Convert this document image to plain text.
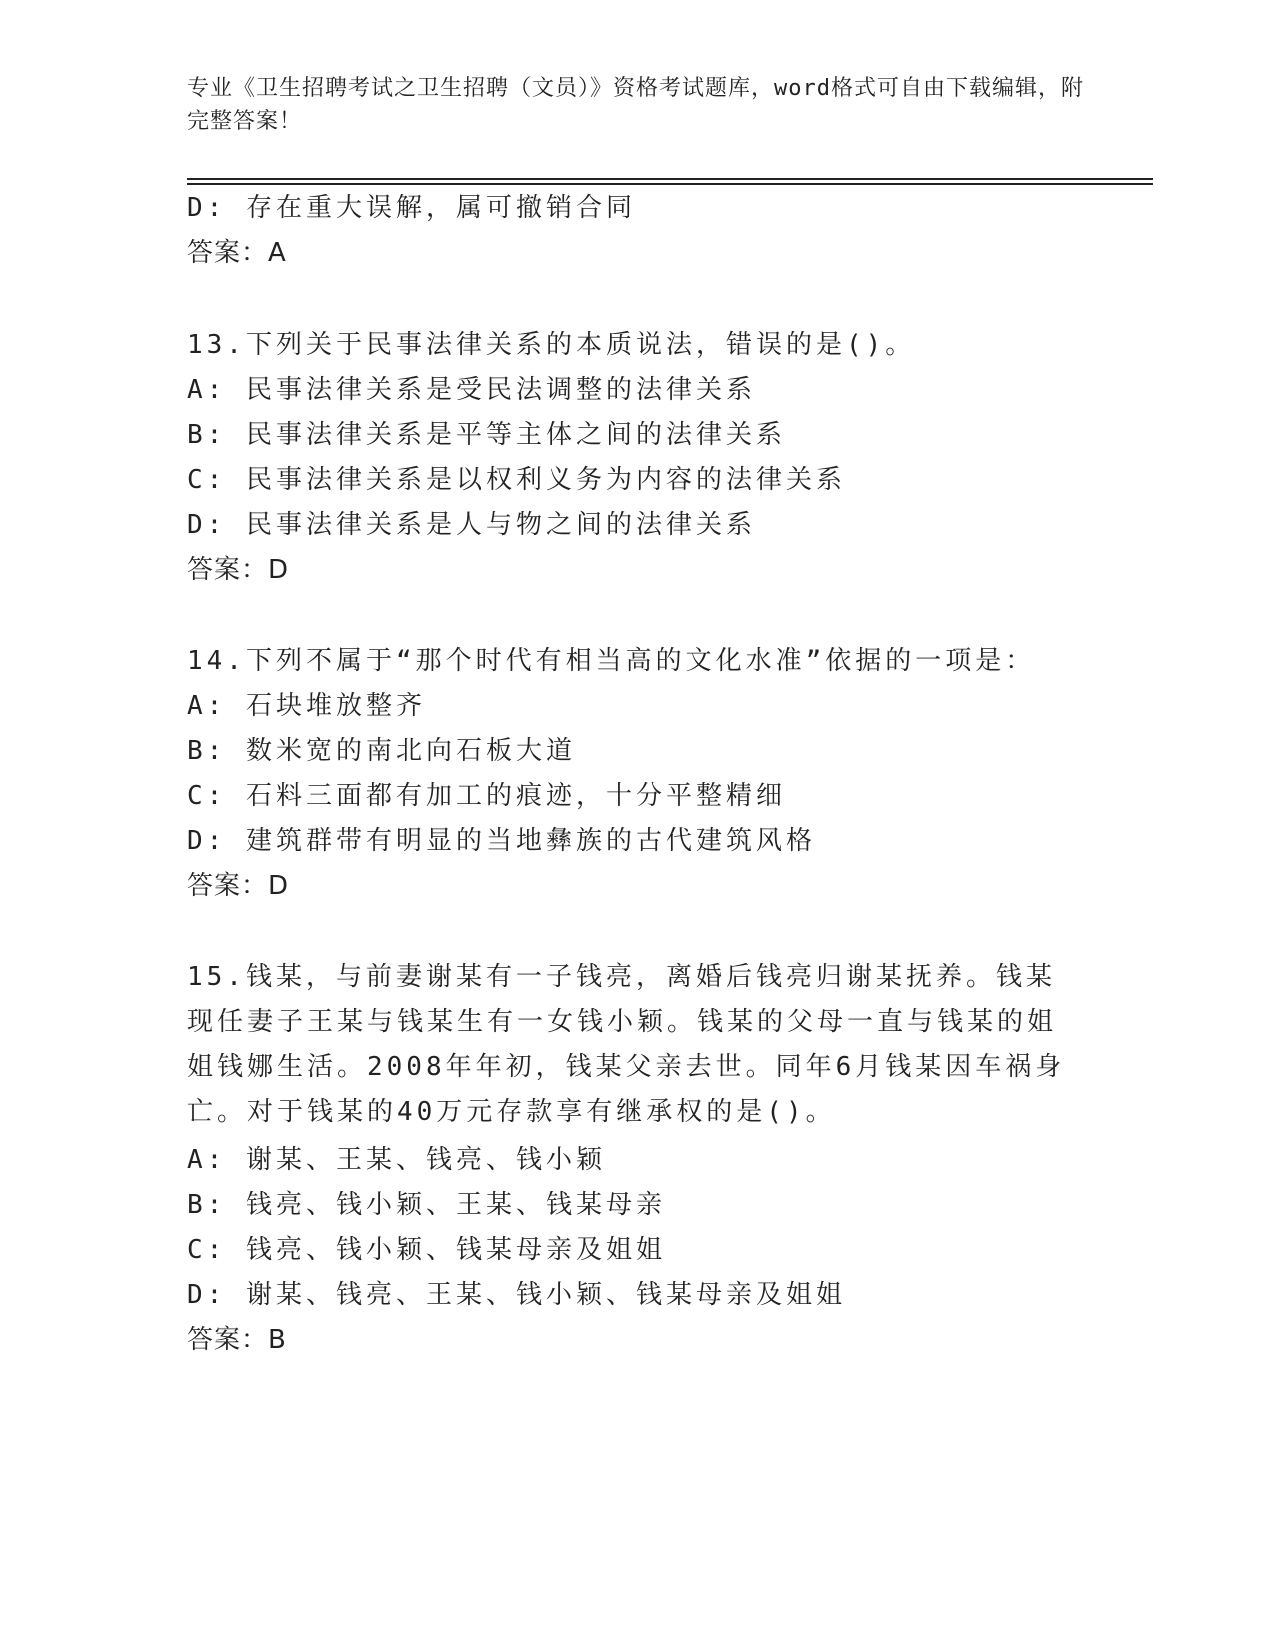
专业《卫生招聘考试之卫生招聘（文员）》资格考试题库，word格式可自由下载编辑，附完整答案！
D: 存在重大误解，属可撤销合同
答案：A
13.下列关于民事法律关系的本质说法，错误的是()。
A: 民事法律关系是受民法调整的法律关系
B: 民事法律关系是平等主体之间的法律关系
C: 民事法律关系是以权利义务为内容的法律关系
D: 民事法律关系是人与物之间的法律关系
答案：D
14.下列不属于“那个时代有相当高的文化水准”依据的一项是：
A: 石块堆放整齐
B: 数米宽的南北向石板大道
C: 石料三面都有加工的痕迹，十分平整精细
D: 建筑群带有明显的当地彝族的古代建筑风格
答案：D
15.钱某，与前妻谢某有一子钱亮，离婚后钱亮归谢某抚养。钱某现任妻子王某与钱某生有一女钱小颖。钱某的父母一直与钱某的姐姐钱娜生活。2008年年初，钱某父亲去世。同年6月钱某因车祸身亡。对于钱某的40万元存款享有继承权的是()。
A: 谢某、王某、钱亮、钱小颖
B: 钱亮、钱小颖、王某、钱某母亲
C: 钱亮、钱小颖、钱某母亲及姐姐
D: 谢某、钱亮、王某、钱小颖、钱某母亲及姐姐
答案：B
